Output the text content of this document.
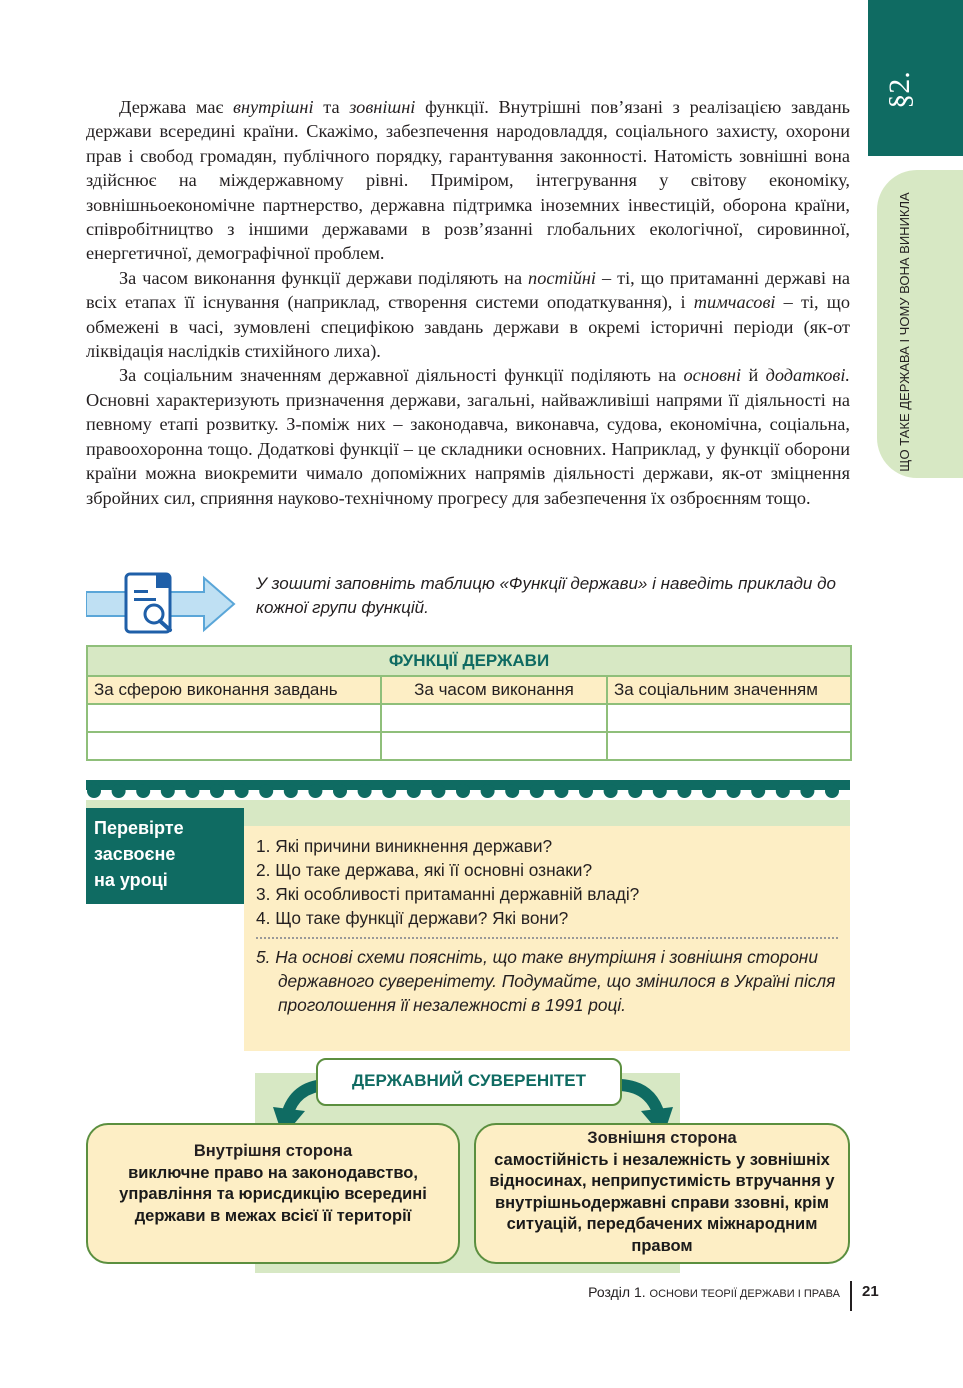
§2.
ЩО ТАКЕ ДЕРЖАВА І ЧОМУ ВОНА ВИНИКЛА

Держава має внутрішні та зовнішні функції. Внутрішні пов’язані з реалізацією завдань держави всередині країни. Скажімо, забезпечення народовладдя, соціального захисту, охорони прав і свобод громадян, публічного порядку, гарантування законності. Натомість зовнішні вона здійснює на міждержавному рівні. Приміром, інтегрування у світову економіку, зовнішньоекономічне партнерство, державна підтримка іноземних інвестицій, оборона країни, співробітництво з іншими державами в розв’язанні глобальних екологічної, сировинної, енергетичної, демографічної проблем.

За часом виконання функції держави поділяють на постійні – ті, що притаманні державі на всіх етапах її існування (наприклад, створення системи оподаткування), і тимчасові – ті, що обмежені в часі, зумовлені специфікою завдань держави в окремі історичні періоди (як-от ліквідація наслідків стихійного лиха).

За соціальним значенням державної діяльності функції поділяють на основні й додаткові. Основні характеризують призначення держави, загальні, найважливіші напрями її діяльності на певному етапі розвитку. З-поміж них – законодавча, виконавча, судова, економічна, соціальна, правоохоронна тощо. Додаткові функції – це складники основних. Наприклад, у функції оборони країни можна виокремити чимало допоміжних напрямів діяльності держави, як-от зміцнення збройних сил, сприяння науково-технічному прогресу для забезпечення їх озброєнням тощо.

У зошиті заповніть таблицю «Функції держави» і наведіть приклади до кожної групи функцій.
ФУНКЦІЇ ДЕРЖАВИ		
За сферою виконання завдань	За часом виконання	За соціальним значенням

Перевірте
засвоєне
на уроці
1. Які причини виникнення держави?
2. Що таке держава, які її основні ознаки?
3. Які особливості притаманні державній владі?
4. Що таке функції держави? Які вони?
5. На основі схеми поясніть, що таке внутрішня і зовнішня сторони державного суверенітету. Подумайте, що змінилося в Україні після проголошення її незалежності в 1991 році.
ДЕРЖАВНИЙ СУВЕРЕНІТЕТ
Внутрішня сторона
виключне право на законодавство, управління та юрисдикцію всередині держави в межах всієї її території
Зовнішня сторона
самостійність і незалежність у зовнішніх відносинах, неприпустимість втручання у внутрішньодержавні справи ззовні, крім ситуацій, передбачених міжнародним правом
Розділ 1. ОСНОВИ ТЕОРІЇ ДЕРЖАВИ І ПРАВА 21
